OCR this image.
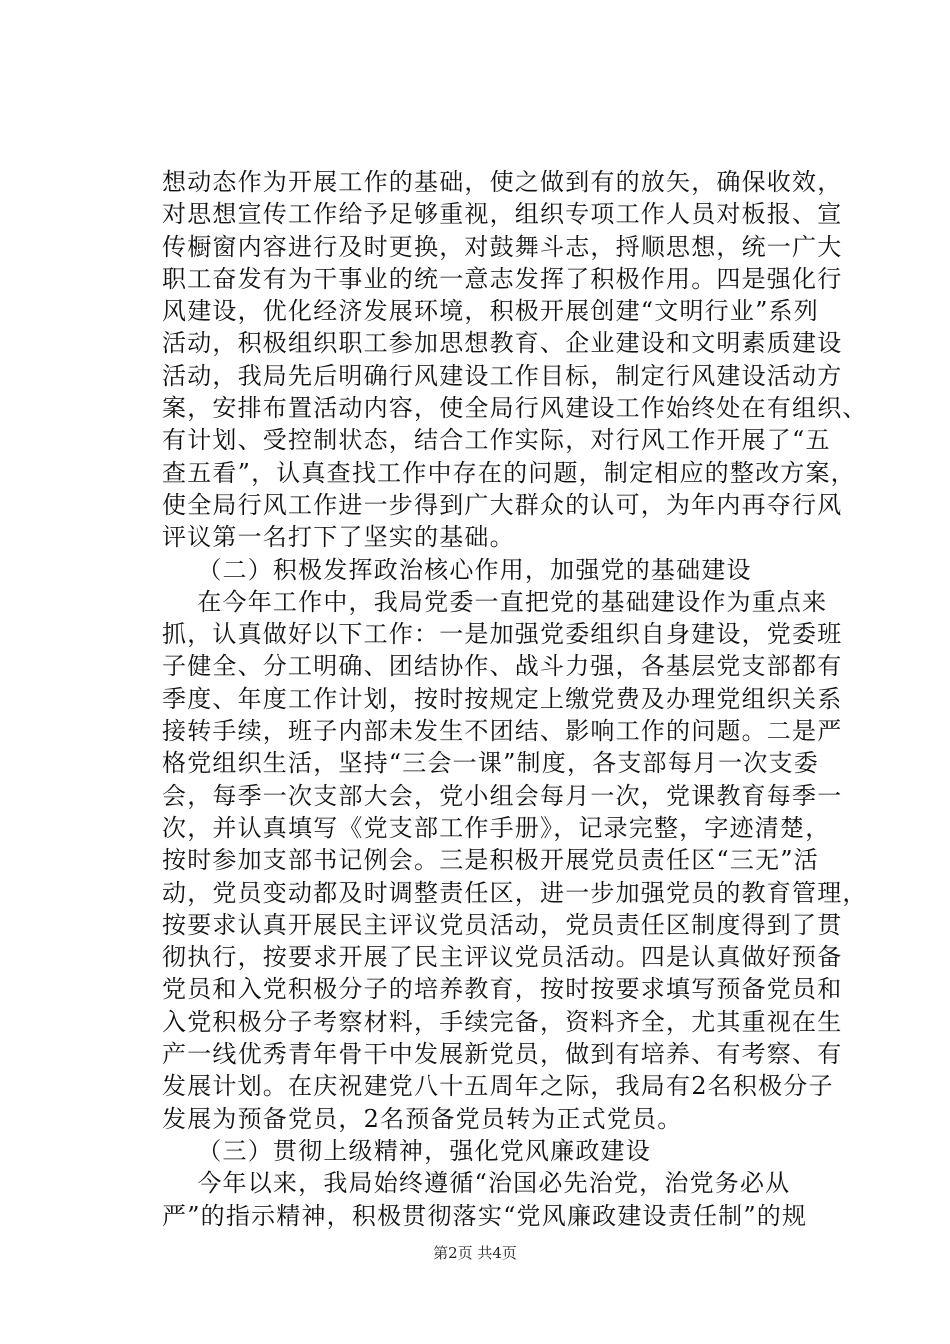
想动态作为开展工作的基础，使之做到有的放矢，确保收效，
对思想宣传工作给予足够重视，组织专项工作人员对板报、宣
传橱窗内容进行及时更换，对鼓舞斗志，捋顺思想，统一广大
职工奋发有为干事业的统一意志发挥了积极作用。四是强化行
风建设，优化经济发展环境，积极开展创建“文明行业”系列
活动，积极组织职工参加思想教育、企业建设和文明素质建设
活动，我局先后明确行风建设工作目标，制定行风建设活动方
案，安排布置活动内容，使全局行风建设工作始终处在有组织、
有计划、受控制状态，结合工作实际，对行风工作开展了“五
查五看”，认真查找工作中存在的问题，制定相应的整改方案，
使全局行风工作进一步得到广大群众的认可，为年内再夺行风
评议第一名打下了坚实的基础。
（二）积极发挥政治核心作用，加强党的基础建设
在今年工作中，我局党委一直把党的基础建设作为重点来
抓，认真做好以下工作：一是加强党委组织自身建设，党委班
子健全、分工明确、团结协作、战斗力强，各基层党支部都有
季度、年度工作计划，按时按规定上缴党费及办理党组织关系
接转手续，班子内部未发生不团结、影响工作的问题。二是严
格党组织生活，坚持“三会一课”制度，各支部每月一次支委
会，每季一次支部大会，党小组会每月一次，党课教育每季一
次，并认真填写《党支部工作手册》，记录完整，字迹清楚，
按时参加支部书记例会。三是积极开展党员责任区“三无”活
动，党员变动都及时调整责任区，进一步加强党员的教育管理，
按要求认真开展民主评议党员活动，党员责任区制度得到了贯
彻执行，按要求开展了民主评议党员活动。四是认真做好预备
党员和入党积极分子的培养教育，按时按要求填写预备党员和
入党积极分子考察材料，手续完备，资料齐全，尤其重视在生
产一线优秀青年骨干中发展新党员，做到有培养、有考察、有
发展计划。在庆祝建党八十五周年之际，我局有2名积极分子
发展为预备党员，2名预备党员转为正式党员。
（三）贯彻上级精神，强化党风廉政建设
今年以来，我局始终遵循“治国必先治党，治党务必从
严”的指示精神，积极贯彻落实“党风廉政建设责任制”的规
第2页 共4页
